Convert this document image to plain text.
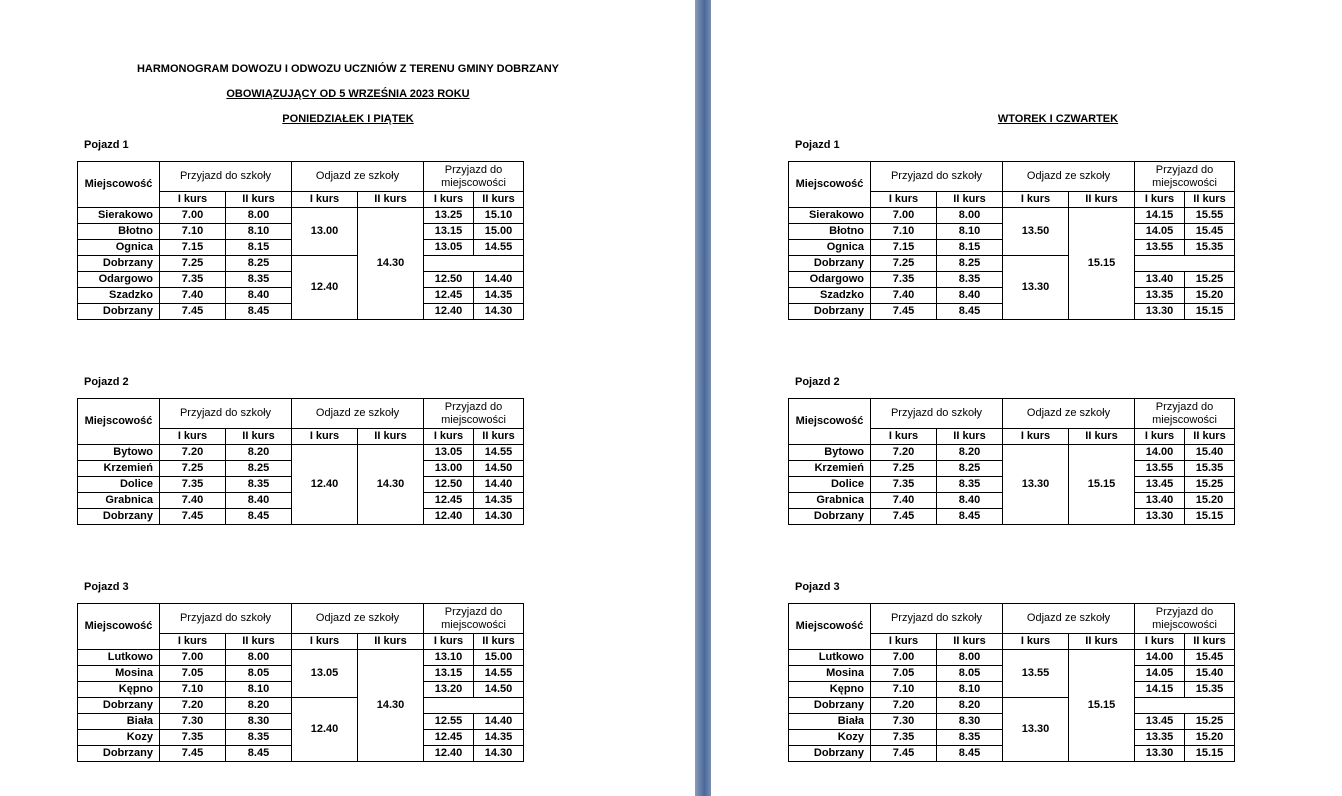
HARMONOGRAM DOWOZU I ODWOZU UCZNIÓW Z TERENU GMINY DOBRZANY
OBOWIĄZUJĄCY OD 5 WRZEŚNIA 2023 ROKU
PONIEDZIAŁEK I PIĄTEK
Pojazd 1
Miejscowość	Przyjazd do szkoły		Odjazd ze szkoły		Przyjazd do miejscowości	
	I kurs	II kurs	I kurs	II kurs	I kurs	II kurs
Sierakowo	7.00	8.00	13.00	14.30	13.25	15.10
Błotno	7.10	8.10			13.15	15.00
Ognica	7.15	8.15			13.05	14.55
Dobrzany	7.25	8.25	12.40			
Odargowo	7.35	8.35			12.50	14.40
Szadzko	7.40	8.40			12.45	14.35
Dobrzany	7.45	8.45			12.40	14.30
Pojazd 2
Miejscowość	Przyjazd do szkoły		Odjazd ze szkoły		Przyjazd do miejscowości	
	I kurs	II kurs	I kurs	II kurs	I kurs	II kurs
Bytowo	7.20	8.20	12.40	14.30	13.05	14.55
Krzemień	7.25	8.25			13.00	14.50
Dolice	7.35	8.35			12.50	14.40
Grabnica	7.40	8.40			12.45	14.35
Dobrzany	7.45	8.45			12.40	14.30
Pojazd 3
Miejscowość	Przyjazd do szkoły		Odjazd ze szkoły		Przyjazd do miejscowości	
	I kurs	II kurs	I kurs	II kurs	I kurs	II kurs
Lutkowo	7.00	8.00	13.05	14.30	13.10	15.00
Mosina	7.05	8.05			13.15	14.55
Kępno	7.10	8.10			13.20	14.50
Dobrzany	7.20	8.20	12.40			
Biała	7.30	8.30			12.55	14.40
Kozy	7.35	8.35			12.45	14.35
Dobrzany	7.45	8.45			12.40	14.30
WTOREK I CZWARTEK
Pojazd 1
Miejscowość	Przyjazd do szkoły		Odjazd ze szkoły		Przyjazd do miejscowości	
	I kurs	II kurs	I kurs	II kurs	I kurs	II kurs
Sierakowo	7.00	8.00	13.50	15.15	14.15	15.55
Błotno	7.10	8.10			14.05	15.45
Ognica	7.15	8.15			13.55	15.35
Dobrzany	7.25	8.25	13.30			
Odargowo	7.35	8.35			13.40	15.25
Szadzko	7.40	8.40			13.35	15.20
Dobrzany	7.45	8.45			13.30	15.15
Pojazd 2
Miejscowość	Przyjazd do szkoły		Odjazd ze szkoły		Przyjazd do miejscowości	
	I kurs	II kurs	I kurs	II kurs	I kurs	II kurs
Bytowo	7.20	8.20	13.30	15.15	14.00	15.40
Krzemień	7.25	8.25			13.55	15.35
Dolice	7.35	8.35			13.45	15.25
Grabnica	7.40	8.40			13.40	15.20
Dobrzany	7.45	8.45			13.30	15.15
Pojazd 3
Miejscowość	Przyjazd do szkoły		Odjazd ze szkoły		Przyjazd do miejscowości	
	I kurs	II kurs	I kurs	II kurs	I kurs	II kurs
Lutkowo	7.00	8.00	13.55	15.15	14.00	15.45
Mosina	7.05	8.05			14.05	15.40
Kępno	7.10	8.10			14.15	15.35
Dobrzany	7.20	8.20	13.30			
Biała	7.30	8.30			13.45	15.25
Kozy	7.35	8.35			13.35	15.20
Dobrzany	7.45	8.45			13.30	15.15
